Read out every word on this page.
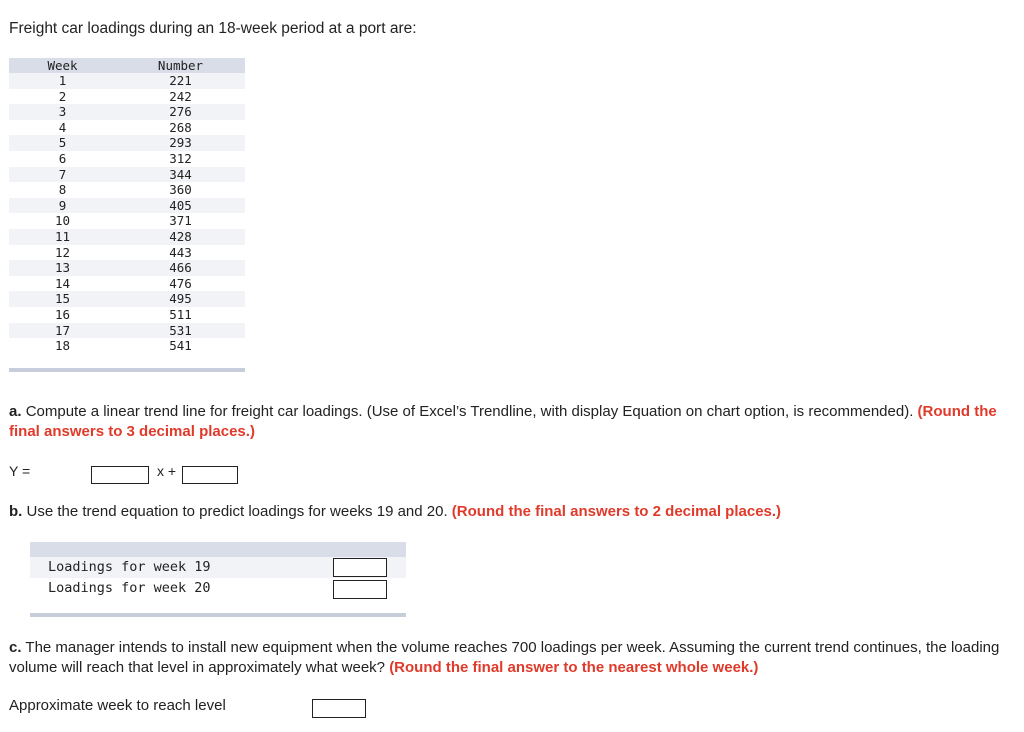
Freight car loadings during an 18-week period at a port are:
Week	Number
1	221
2	242
3	276
4	268
5	293
6	312
7	344
8	360
9	405
10	371
11	428
12	443
13	466
14	476
15	495
16	511
17	531
18	541
a. Compute a linear trend line for freight car loadings. (Use of Excel’s Trendline, with display Equation on chart option, is recommended). (Round the final answers to 3 decimal places.)
Y =	x +
b. Use the trend equation to predict loadings for weeks 19 and 20. (Round the final answers to 2 decimal places.)
Loadings for week 19
Loadings for week 20
c. The manager intends to install new equipment when the volume reaches 700 loadings per week. Assuming the current trend continues, the loading volume will reach that level in approximately what week? (Round the final answer to the nearest whole week.)
Approximate week to reach level
